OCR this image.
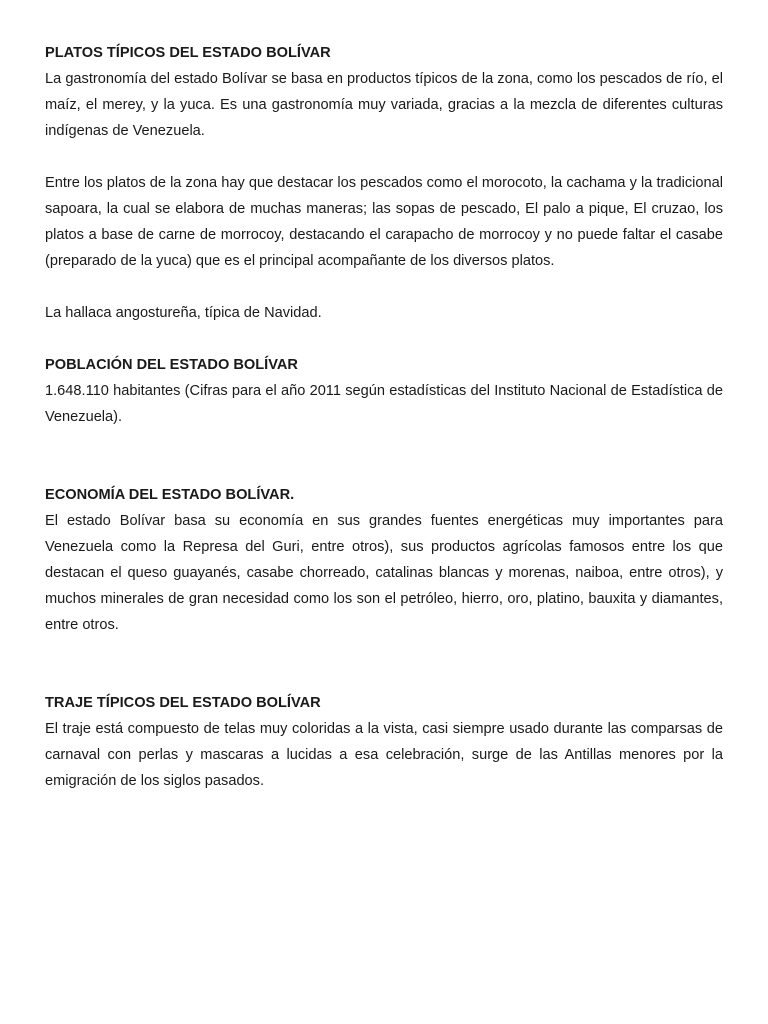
PLATOS TÍPICOS DEL ESTADO BOLÍVAR

La gastronomía del estado Bolívar se basa en productos típicos de la zona, como los pescados de río, el maíz, el merey, y la yuca. Es una gastronomía muy variada, gracias a la mezcla de diferentes culturas indígenas de Venezuela.

Entre los platos de la zona hay que destacar los pescados como el morocoto, la cachama y la tradicional sapoara, la cual se elabora de muchas maneras; las sopas de pescado, El palo a pique, El cruzao, los platos a base de carne de morrocoy, destacando el carapacho de morrocoy y no puede faltar el casabe (preparado de la yuca) que es el principal acompañante de los diversos platos.

La hallaca angostureña, típica de Navidad.

POBLACIÓN DEL ESTADO BOLÍVAR

1.648.110 habitantes (Cifras para el año 2011 según estadísticas del Instituto Nacional de Estadística de Venezuela).

ECONOMÍA DEL ESTADO BOLÍVAR.

El estado Bolívar basa su economía en sus grandes fuentes energéticas muy importantes para Venezuela como la Represa del Guri, entre otros), sus productos agrícolas famosos entre los que destacan el queso guayanés, casabe chorreado, catalinas blancas y morenas, naiboa, entre otros), y muchos minerales de gran necesidad como los son el petróleo, hierro, oro, platino, bauxita y diamantes, entre otros.

TRAJE TÍPICOS DEL ESTADO BOLÍVAR

El traje está compuesto de telas muy coloridas a la vista, casi siempre usado durante las comparsas de carnaval con perlas y mascaras a lucidas a esa celebración, surge de las Antillas menores por la emigración de los siglos pasados.
